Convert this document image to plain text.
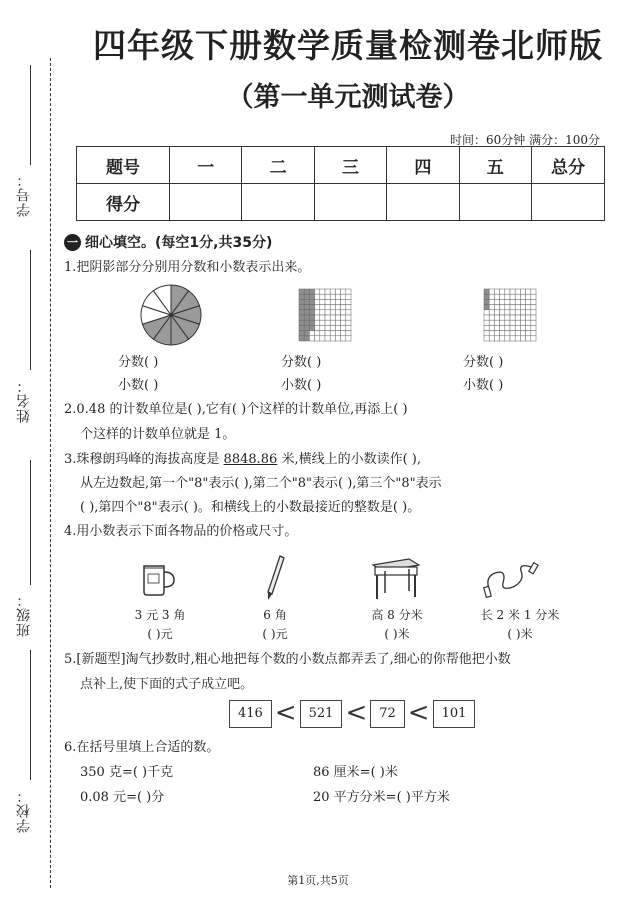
学号：
姓名：
班级：
学校：
四年级下册数学质量检测卷北师版
（第一单元测试卷）
时间：60分钟 满分：100分
题号	一	二	三	四	五	总分
得分						
一 细心填空。(每空1分,共35分)
1.把阴影部分分别用分数和小数表示出来。
分数( )
小数( )
分数( )
小数( )
分数( )
小数( )
2.0.48 的计数单位是( ),它有( )个这样的计数单位,再添上( )
个这样的计数单位就是 1。
3.珠穆朗玛峰的海拔高度是 8848.86 米,横线上的小数读作( ),
从左边数起,第一个"8"表示( ),第二个"8"表示( ),第三个"8"表示
( ),第四个"8"表示( )。和横线上的小数最接近的整数是( )。
4.用小数表示下面各物品的价格或尺寸。
3 元 3 角
( )元
6 角
( )元
高 8 分米
( )米
长 2 米 1 分米
( )米
5.[新题型]淘气抄数时,粗心地把每个数的小数点都弄丢了,细心的你帮他把小数
点补上,使下面的式子成立吧。
416 < 521 < 72 < 101
6.在括号里填上合适的数。
350 克=( )千克	86 厘米=( )米
0.08 元=( )分	20 平方分米=( )平方米
第1页,共5页
